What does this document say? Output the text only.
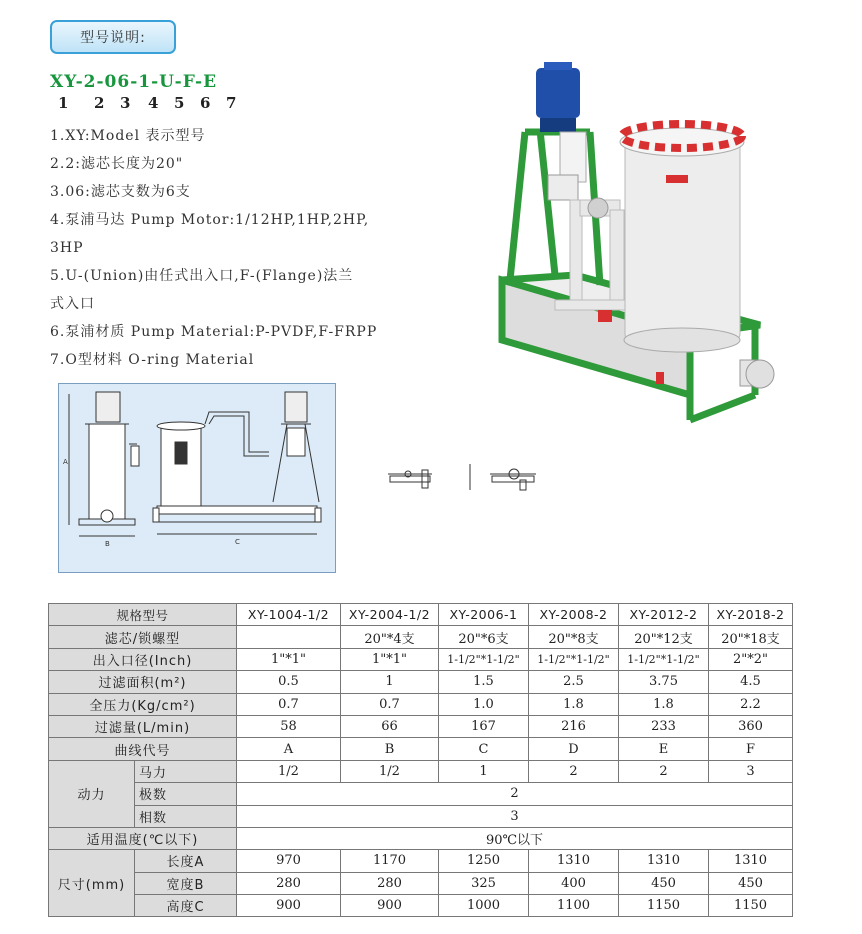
型号说明:
XY-2-06-1-U-F-E
1 2 3 4 5 6 7
1.XY:Model 表示型号
2.2:滤芯长度为20"
3.06:滤芯支数为6支
4.泵浦马达 Pump Motor:1/12HP,1HP,2HP,
3HP
5.U-(Union)由任式出入口,F-(Flange)法兰
式入口
6.泵浦材质 Pump Material:P-PVDF,F-FRPP
7.O型材料 O-ring Material
B	C
A
规格型号		XY-1004-1/2	XY-2004-1/2	XY-2006-1	XY-2008-2	XY-2012-2	XY-2018-2
滤芯/锁螺型			20"*4支	20"*6支	20"*8支	20"*12支	20"*18支
出入口径(Inch)		1"*1"	1"*1"	1-1/2"*1-1/2"	1-1/2"*1-1/2"	1-1/2"*1-1/2"	2"*2"
过滤面积(m²)		0.5	1	1.5	2.5	3.75	4.5
全压力(Kg/cm²)		0.7	0.7	1.0	1.8	1.8	2.2
过滤量(L/min)		58	66	167	216	233	360
曲线代号		A	B	C	D	E	F
动力	马力	1/2	1/2	1	2	2	3
	极数	2					
	相数	3					
适用温度(℃以下)		90℃以下					
尺寸(mm)	长度A	970	1170	1250	1310	1310	1310
	宽度B	280	280	325	400	450	450
	高度C	900	900	1000	1100	1150	1150
